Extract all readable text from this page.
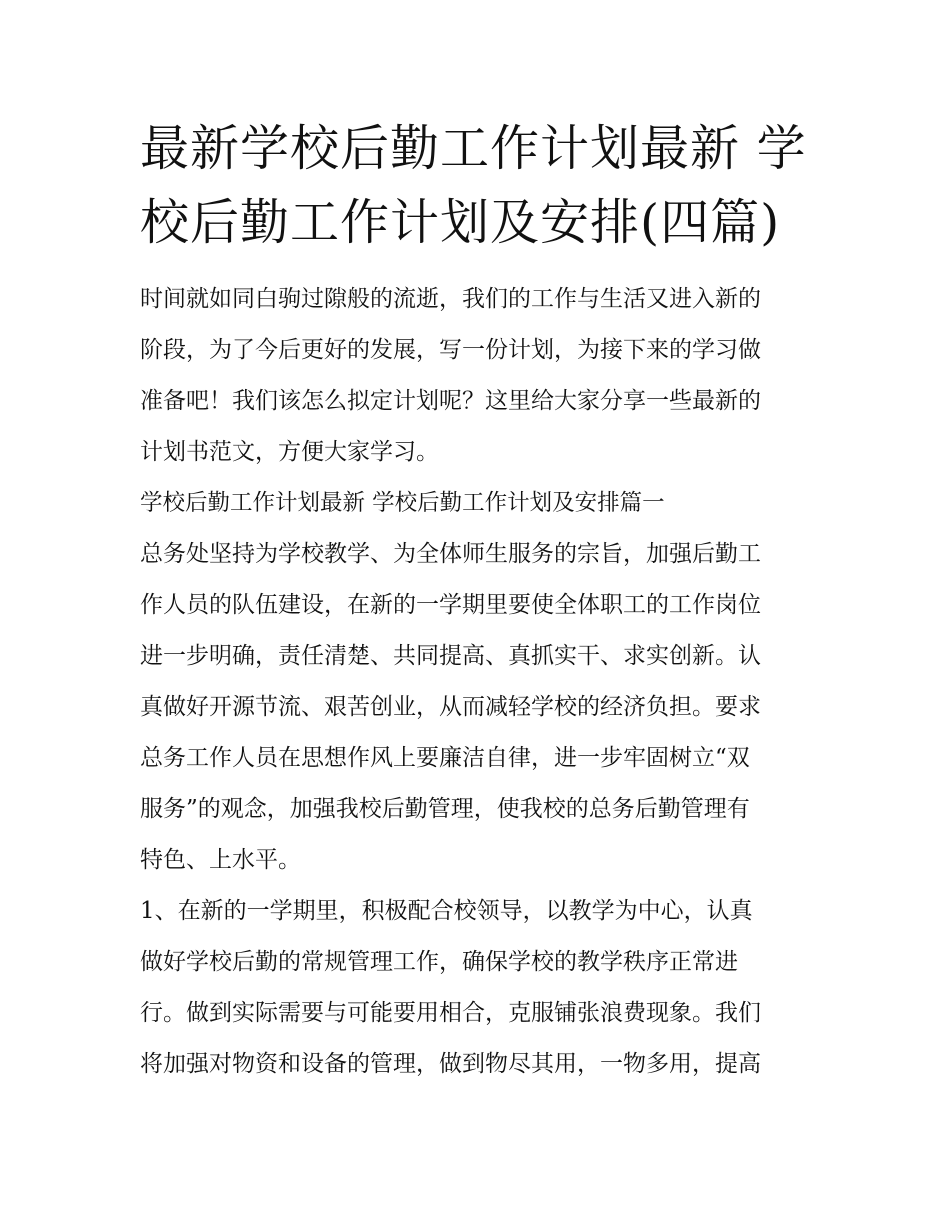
最新学校后勤工作计划最新 学
校后勤工作计划及安排(四篇)

时间就如同白驹过隙般的流逝，我们的工作与生活又进入新的
阶段，为了今后更好的发展，写一份计划，为接下来的学习做
准备吧！我们该怎么拟定计划呢？这里给大家分享一些最新的
计划书范文，方便大家学习。

学校后勤工作计划最新 学校后勤工作计划及安排篇一

总务处坚持为学校教学、为全体师生服务的宗旨，加强后勤工
作人员的队伍建设，在新的一学期里要使全体职工的工作岗位
进一步明确，责任清楚、共同提高、真抓实干、求实创新。认
真做好开源节流、艰苦创业，从而减轻学校的经济负担。要求
总务工作人员在思想作风上要廉洁自律，进一步牢固树立“双
服务”的观念，加强我校后勤管理，使我校的总务后勤管理有
特色、上水平。

1、在新的一学期里，积极配合校领导，以教学为中心，认真
做好学校后勤的常规管理工作，确保学校的教学秩序正常进
行。做到实际需要与可能要用相合，克服铺张浪费现象。我们
将加强对物资和设备的管理，做到物尽其用，一物多用，提高
